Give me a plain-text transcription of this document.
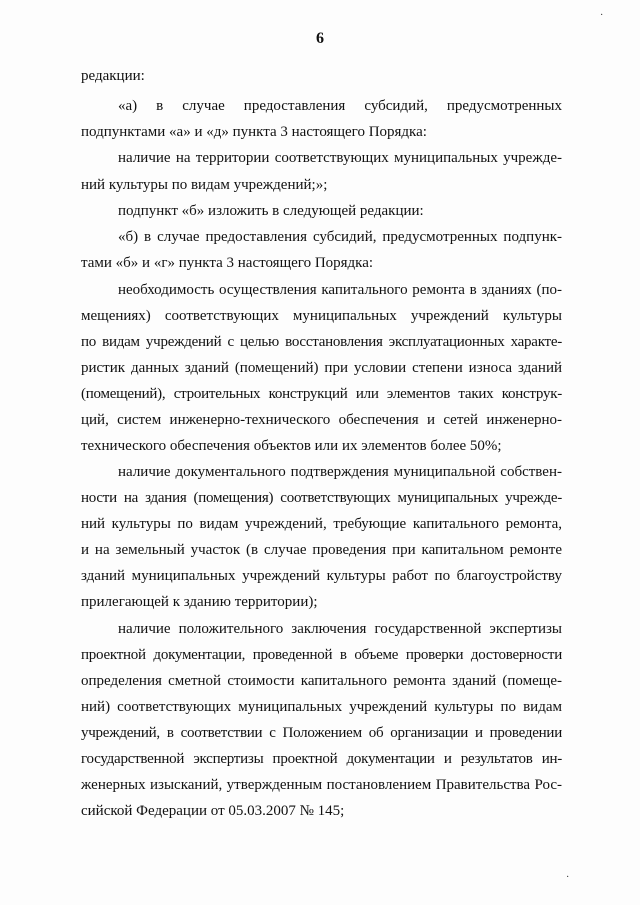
6
редакции:
«а) в случае предоставления субсидий, предусмотренных
подпунктами «а» и «д» пункта 3 настоящего Порядка:
наличие на территории соответствующих муниципальных учрежде-
ний культуры по видам учреждений;»;
подпункт «б» изложить в следующей редакции:
«б) в случае предоставления субсидий, предусмотренных подпунк-
тами «б» и «г» пункта 3 настоящего Порядка:
необходимость осуществления капитального ремонта в зданиях (по-
мещениях) соответствующих муниципальных учреждений культуры
по видам учреждений с целью восстановления эксплуатационных характе-
ристик данных зданий (помещений) при условии степени износа зданий
(помещений), строительных конструкций или элементов таких конструк-
ций, систем инженерно-технического обеспечения и сетей инженерно-
технического обеспечения объектов или их элементов более 50%;
наличие документального подтверждения муниципальной собствен-
ности на здания (помещения) соответствующих муниципальных учрежде-
ний культуры по видам учреждений, требующие капитального ремонта,
и на земельный участок (в случае проведения при капитальном ремонте
зданий муниципальных учреждений культуры работ по благоустройству
прилегающей к зданию территории);
наличие положительного заключения государственной экспертизы
проектной документации, проведенной в объеме проверки достоверности
определения сметной стоимости капитального ремонта зданий (помеще-
ний) соответствующих муниципальных учреждений культуры по видам
учреждений, в соответствии с Положением об организации и проведении
государственной экспертизы проектной документации и результатов ин-
женерных изысканий, утвержденным постановлением Правительства Рос-
сийской Федерации от 05.03.2007 № 145;
·
·
